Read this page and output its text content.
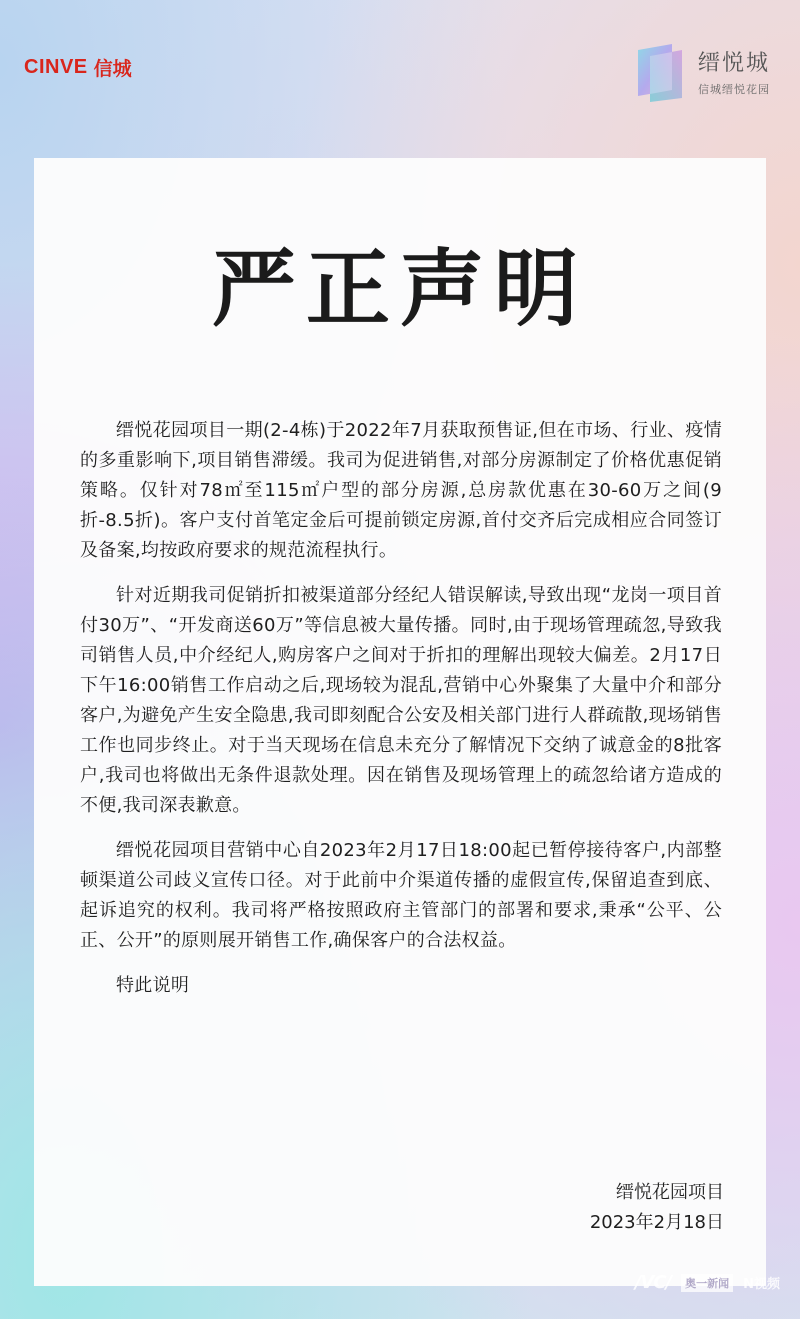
CINVE 信城	缙悦城
信城缙悦花园
严正声明

缙悦花园项目一期(2-4栋)于2022年7月获取预售证,但在市场、行业、疫情的多重影响下,项目销售滞缓。我司为促进销售,对部分房源制定了价格优惠促销策略。仅针对78㎡至115㎡户型的部分房源,总房款优惠在30-60万之间(9折-8.5折)。客户支付首笔定金后可提前锁定房源,首付交齐后完成相应合同签订及备案,均按政府要求的规范流程执行。

针对近期我司促销折扣被渠道部分经纪人错误解读,导致出现“龙岗一项目首付30万”、“开发商送60万”等信息被大量传播。同时,由于现场管理疏忽,导致我司销售人员,中介经纪人,购房客户之间对于折扣的理解出现较大偏差。2月17日下午16:00销售工作启动之后,现场较为混乱,营销中心外聚集了大量中介和部分客户,为避免产生安全隐患,我司即刻配合公安及相关部门进行人群疏散,现场销售工作也同步终止。对于当天现场在信息未充分了解情况下交纳了诚意金的8批客户,我司也将做出无条件退款处理。因在销售及现场管理上的疏忽给诸方造成的不便,我司深表歉意。

缙悦花园项目营销中心自2023年2月17日18:00起已暂停接待客户,内部整顿渠道公司歧义宣传口径。对于此前中介渠道传播的虚假宣传,保留追查到底、起诉追究的权利。我司将严格按照政府主管部门的部署和要求,秉承“公平、公正、公开”的原则展开销售工作,确保客户的合法权益。

特此说明

缙悦花园项目
2023年2月18日
/VC/	奥一新闻	N视频
